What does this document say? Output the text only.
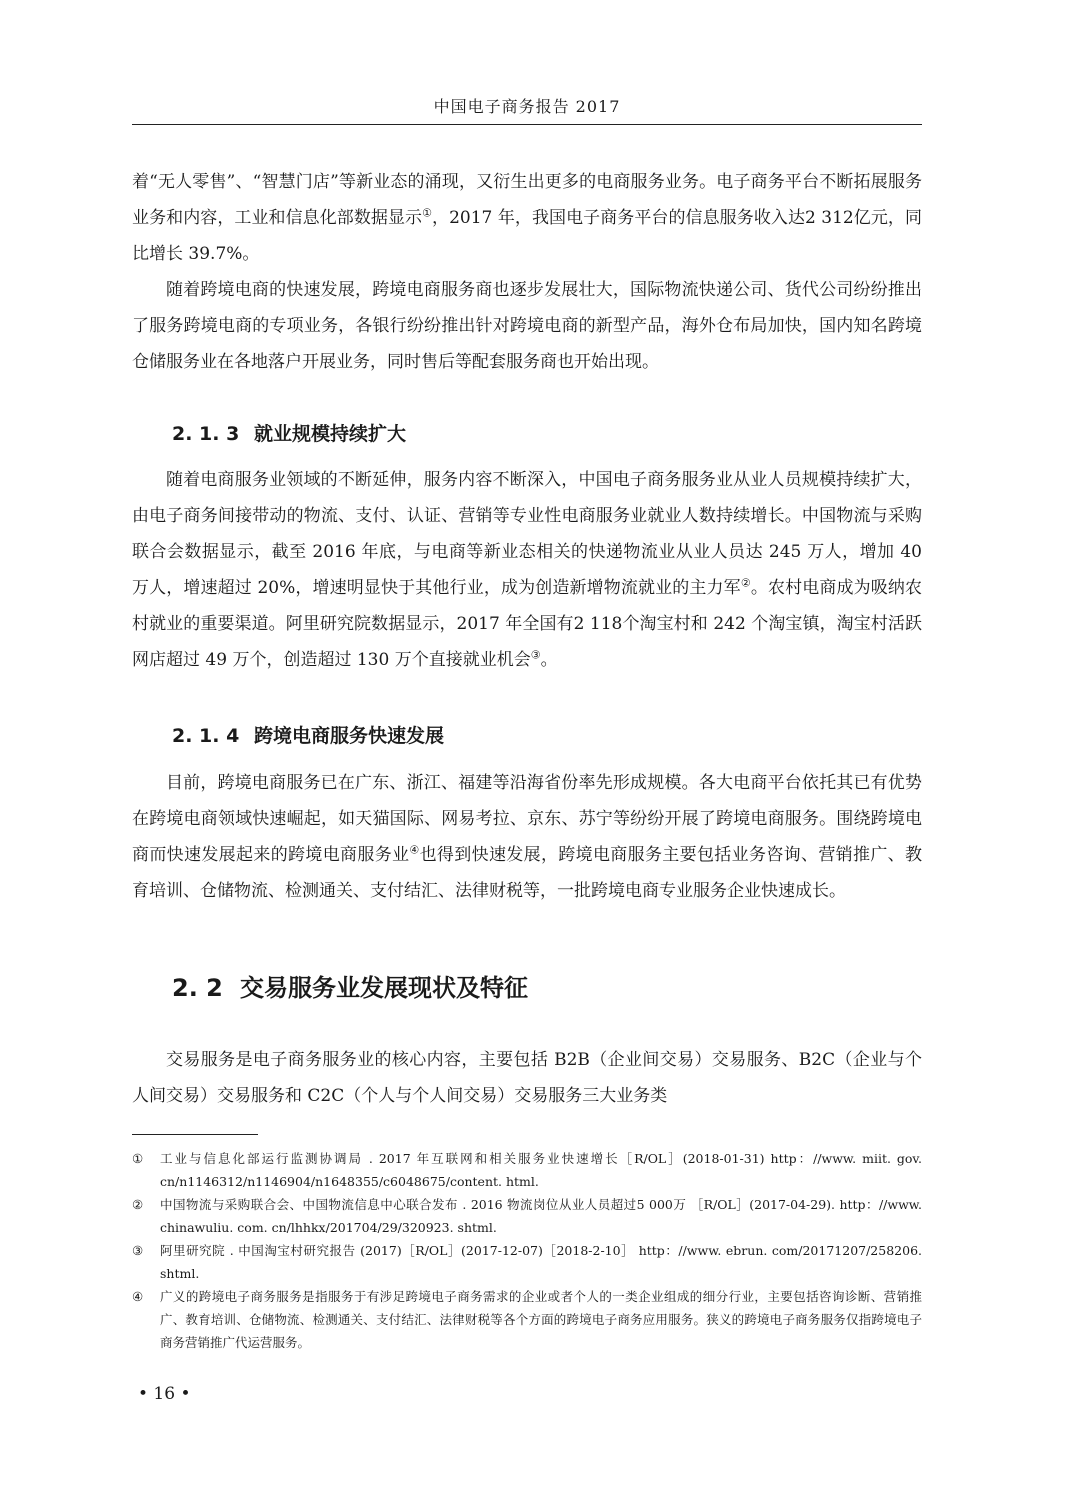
中国电子商务报告 2017

着“无人零售”、“智慧门店”等新业态的涌现，又衍生出更多的电商服务业务。电子商务平台不断拓展服务业务和内容，工业和信息化部数据显示①，2017 年，我国电子商务平台的信息服务收入达2 312亿元，同比增长 39.7%。

随着跨境电商的快速发展，跨境电商服务商也逐步发展壮大，国际物流快递公司、货代公司纷纷推出了服务跨境电商的专项业务，各银行纷纷推出针对跨境电商的新型产品，海外仓布局加快，国内知名跨境仓储服务业在各地落户开展业务，同时售后等配套服务商也开始出现。

2. 1. 3 就业规模持续扩大

随着电商服务业领域的不断延伸，服务内容不断深入，中国电子商务服务业从业人员规模持续扩大，由电子商务间接带动的物流、支付、认证、营销等专业性电商服务业就业人数持续增长。中国物流与采购联合会数据显示，截至 2016 年底，与电商等新业态相关的快递物流业从业人员达 245 万人，增加 40 万人，增速超过 20%，增速明显快于其他行业，成为创造新增物流就业的主力军②。农村电商成为吸纳农村就业的重要渠道。阿里研究院数据显示，2017 年全国有2 118个淘宝村和 242 个淘宝镇，淘宝村活跃网店超过 49 万个，创造超过 130 万个直接就业机会③。

2. 1. 4 跨境电商服务快速发展

目前，跨境电商服务已在广东、浙江、福建等沿海省份率先形成规模。各大电商平台依托其已有优势在跨境电商领域快速崛起，如天猫国际、网易考拉、京东、苏宁等纷纷开展了跨境电商服务。围绕跨境电商而快速发展起来的跨境电商服务业④也得到快速发展，跨境电商服务主要包括业务咨询、营销推广、教育培训、仓储物流、检测通关、支付结汇、法律财税等，一批跨境电商专业服务企业快速成长。

2. 2 交易服务业发展现状及特征

交易服务是电子商务服务业的核心内容，主要包括 B2B（企业间交易）交易服务、B2C（企业与个人间交易）交易服务和 C2C（个人与个人间交易）交易服务三大业务类

①	工业与信息化部运行监测协调局 . 2017 年互联网和相关服务业快速增长［R/OL］(2018-01-31) http：//www. miit. gov. cn/n1146312/n1146904/n1648355/c6048675/content. html.
②	中国物流与采购联合会、中国物流信息中心联合发布 . 2016 物流岗位从业人员超过5 000万 ［R/OL］(2017-04-29). http：//www. chinawuliu. com. cn/lhhkx/201704/29/320923. shtml.
③	阿里研究院 . 中国淘宝村研究报告 (2017)［R/OL］(2017-12-07)［2018-2-10］ http：//www. ebrun. com/20171207/258206. shtml.
④	广义的跨境电子商务服务是指服务于有涉足跨境电子商务需求的企业或者个人的一类企业组成的细分行业，主要包括咨询诊断、营销推广、教育培训、仓储物流、检测通关、支付结汇、法律财税等各个方面的跨境电子商务应用服务。狭义的跨境电子商务服务仅指跨境电子商务营销推广代运营服务。
• 16 •
